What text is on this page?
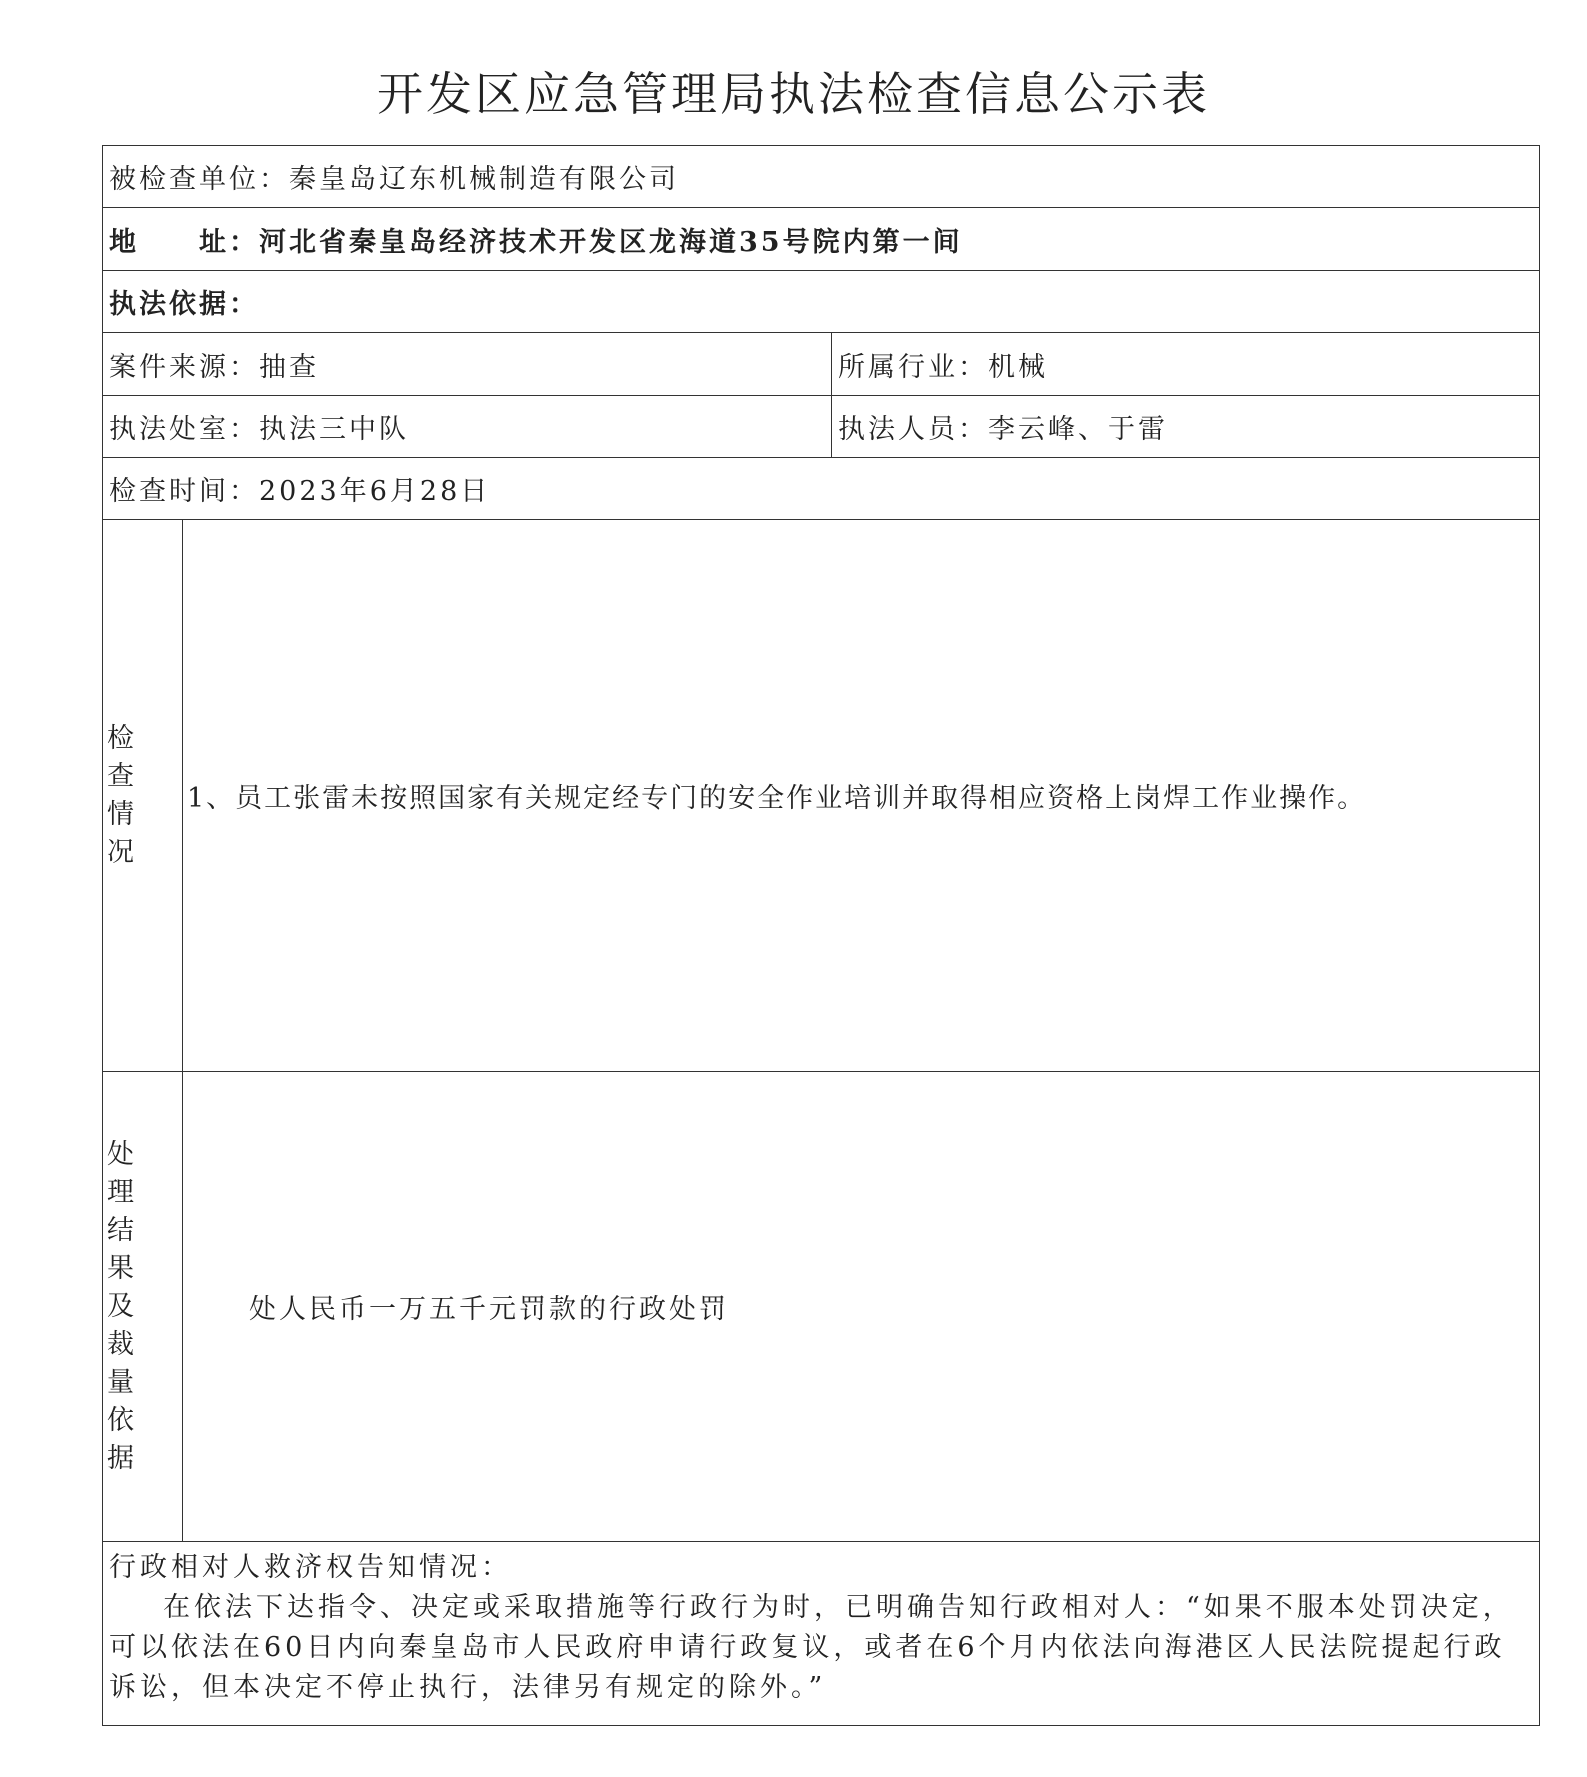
开发区应急管理局执法检查信息公示表
被检查单位：秦皇岛辽东机械制造有限公司		
地　　址：河北省秦皇岛经济技术开发区龙海道35号院内第一间		
执法依据：		
案件来源：抽查		所属行业：机械
执法处室：执法三中队		执法人员：李云峰、于雷
检查时间：2023年6月28日		
检查情况	1、员工张雷未按照国家有关规定经专门的安全作业培训并取得相应资格上岗焊工作业操作。	
处理结果及裁量依据	处人民币一万五千元罚款的行政处罚	

行政相对人救济权告知情况：
在依法下达指令、决定或采取措施等行政行为时，已明确告知行政相对人：“如果不服本处罚决定，可以依法在60日内向秦皇岛市人民政府申请行政复议，或者在6个月内依法向海港区人民法院提起行政诉讼，但本决定不停止执行，法律另有规定的除外。”		
